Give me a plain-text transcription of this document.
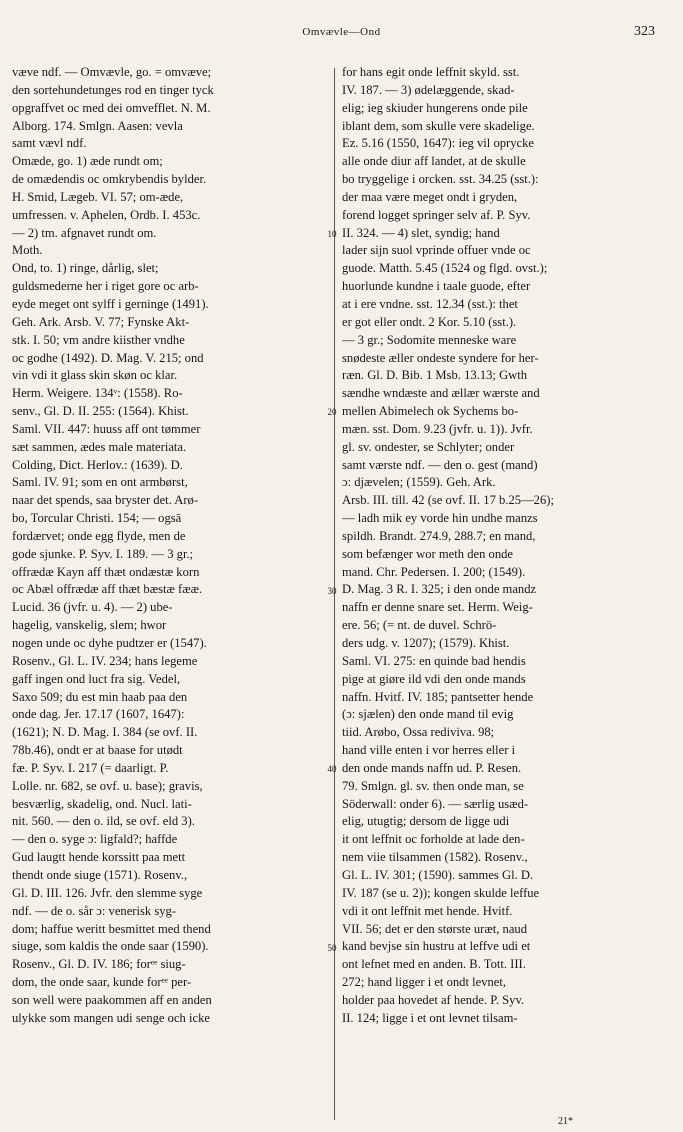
Omvævle—Ond	323
væve ndf. — Omvævle, go. = omvæve;
den sortehundetunges rod en tinger tyck
opgraffvet oc med dei omvefflet. N. M.
Alborg. 174. Smlgn. Aasen: vevla
samt vævl ndf.
Omæde, go. 1) æde rundt om;
de omædendis oc omkrybendis bylder.
H. Smid, Lægeb. VI. 57; om-æde,
umfressen. v. Aphelen, Ordb. I. 453c.
— 2) tm. afgnavet rundt om.
Moth.
Ond, to. 1) ringe, dårlig, slet;
guldsmederne her i riget gore oc arb-
eyde meget ont sylff i gerninge (1491).
Geh. Ark. Arsb. V. 77; Fynske Akt-
stk. I. 50; vm andre kiisther vndhe
oc godhe (1492). D. Mag. V. 215; ond
vin vdi it glass skin skøn oc klar.
Herm. Weigere. 134ᵛ: (1558). Ro-
senv., Gl. D. II. 255: (1564). Khist.
Saml. VII. 447: huuss aff ont tømmer
sæt sammen, ædes male materiata.
Colding, Dict. Herlov.: (1639). D.
Saml. IV. 91; som en ont armbørst,
naar det spends, saa bryster det. Arø-
bo, Torcular Christi. 154; — ogsā
fordærvet; onde egg flyde, men de
gode sjunke. P. Syv. I. 189. — 3 gr.;
offrædæ Kayn aff thæt ondæstæ korn
oc Abæl offrædæ aff thæt bæstæ fææ.
Lucid. 36 (jvfr. u. 4). — 2) ube-
hagelig, vanskelig, slem; hwor
nogen unde oc dyhe pudtzer er (1547).
Rosenv., Gl. L. IV. 234; hans legeme
gaff ingen ond luct fra sig. Vedel,
Saxo 509; du est min haab paa den
onde dag. Jer. 17.17 (1607, 1647):
(1621); N. D. Mag. I. 384 (se ovf. II.
78b.46), ondt er at baase for utødt
fæ. P. Syv. I. 217 (= daarligt. P.
Lolle. nr. 682, se ovf. u. base); gravis,
besværlig, skadelig, ond. Nucl. lati-
nit. 560. — den o. ild, se ovf. eld 3).
— den o. syge ɔ: ligfald?; haffde
Gud laugtt hende korssitt paa mett
thendt onde siuge (1571). Rosenv.,
Gl. D. III. 126. Jvfr. den slemme syge
ndf. — de o. sår ɔ: venerisk syg-
dom; haffue weritt besmittet med thend
siuge, som kaldis the onde saar (1590).
Rosenv., Gl. D. IV. 186; forᵉᵉ siug-
dom, the onde saar, kunde forᵉᵉ per-
son well were paakommen aff en anden
ulykke som mangen udi senge och icke
for hans egit onde leffnit skyld. sst.
IV. 187. — 3) ødelæggende, skad-
elig; ieg skiuder hungerens onde pile
iblant dem, som skulle vere skadelige.
Ez. 5.16 (1550, 1647): ieg vil oprycke
alle onde diur aff landet, at de skulle
bo tryggelige i orcken. sst. 34.25 (sst.):
der maa være meget ondt i gryden,
forend logget springer selv af. P. Syv.
II. 324. — 4) slet, syndig; hand
lader sijn suol vprinde offuer vnde oc
guode. Matth. 5.45 (1524 og flgd. ovst.);
huorlunde kundne i taale guode, efter
at i ere vndne. sst. 12.34 (sst.): thet
er got eller ondt. 2 Kor. 5.10 (sst.).
— 3 gr.; Sodomite menneske ware
snødeste æller ondeste syndere for her-
ræn. Gl. D. Bib. 1 Msb. 13.13; Gwth
sændhe wndæste and ællær wærste and
mellen Abimelech ok Sychems bo-
mæn. sst. Dom. 9.23 (jvfr. u. 1)). Jvfr.
gl. sv. ondester, se Schlyter; onder
samt værste ndf. — den o. gest (mand)
ɔ: djævelen; (1559). Geh. Ark.
Arsb. III. till. 42 (se ovf. II. 17 b.25—26);
— ladh mik ey vorde hin undhe manzs
spildh. Brandt. 274.9, 288.7; en mand,
som befænger wor meth den onde
mand. Chr. Pedersen. I. 200; (1549).
D. Mag. 3 R. I. 325; i den onde mandz
naffn er denne snare set. Herm. Weig-
ere. 56; (= nt. de duvel. Schrö-
ders udg. v. 1207); (1579). Khist.
Saml. VI. 275: en quinde bad hendis
pige at giøre ild vdi den onde mands
naffn. Hvitf. IV. 185; pantsetter hende
(ɔ: sjælen) den onde mand til evig
tiid. Arøbo, Ossa rediviva. 98;
hand ville enten i vor herres eller i
den onde mands naffn ud. P. Resen.
79. Smlgn. gl. sv. then onde man, se
Söderwall: onder 6). — særlig usæd-
elig, utugtig; dersom de ligge udi
it ont leffnit oc forholde at lade den-
nem viie tilsammen (1582). Rosenv.,
Gl. L. IV. 301; (1590). sammes Gl. D.
IV. 187 (se u. 2)); kongen skulde leffue
vdi it ont leffnit met hende. Hvitf.
VII. 56; det er den største uræt, naud
kand bevjse sin hustru at leffve udi et
ont lefnet med en anden. B. Tott. III.
272; hand ligger i et ondt levnet,
holder paa hovedet af hende. P. Syv.
II. 124; ligge i et ont levnet tilsam-
10
20
30
40
50
21*
